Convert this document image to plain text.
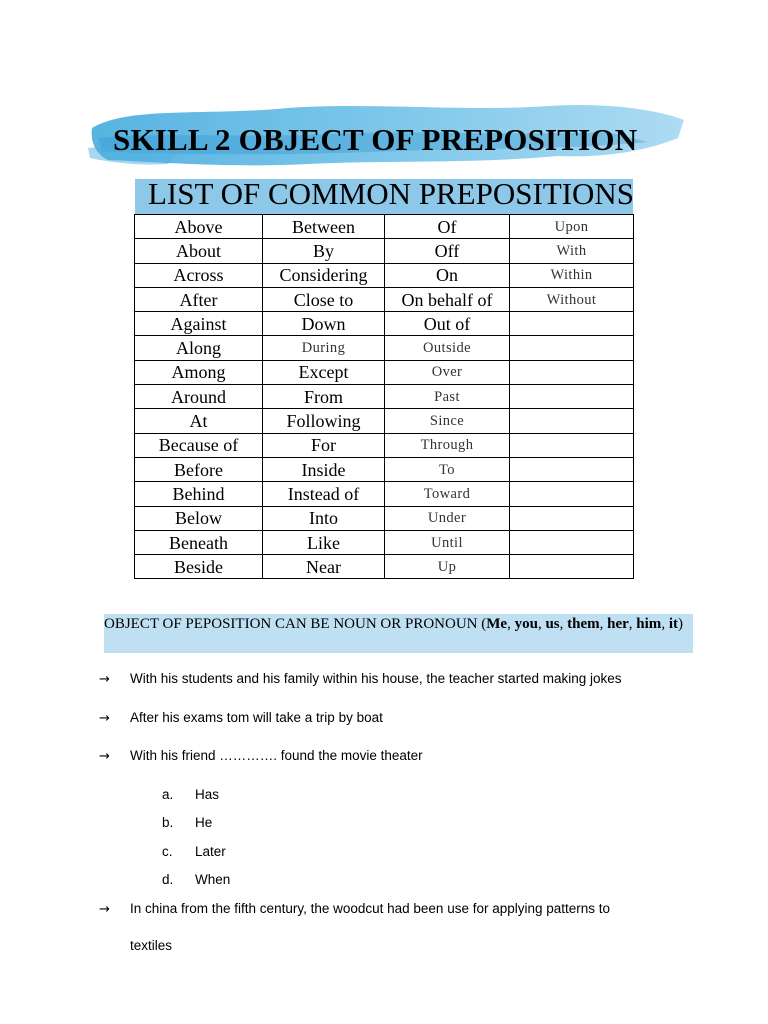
SKILL 2 OBJECT OF PREPOSITION
LIST OF COMMON PREPOSITIONS
Above	Between	Of	Upon
About	By	Off	With
Across	Considering	On	Within
After	Close to	On behalf of	Without
Against	Down	Out of	
Along	During	Outside	
Among	Except	Over	
Around	From	Past	
At	Following	Since	
Because of	For	Through	
Before	Inside	To	
Behind	Instead of	Toward	
Below	Into	Under	
Beneath	Like	Until	
Beside	Near	Up	
OBJECT OF PEPOSITION CAN BE NOUN OR PRONOUN (Me, you, us, them, her, him, it)
→ With his students and his family within his house, the teacher started making jokes
→ After his exams tom will take a trip by boat
→ With his friend …………. found the movie theater
a. Has
b. He
c. Later
d. When
→ In china from the fifth century, the woodcut had been use for applying patterns to
textiles
